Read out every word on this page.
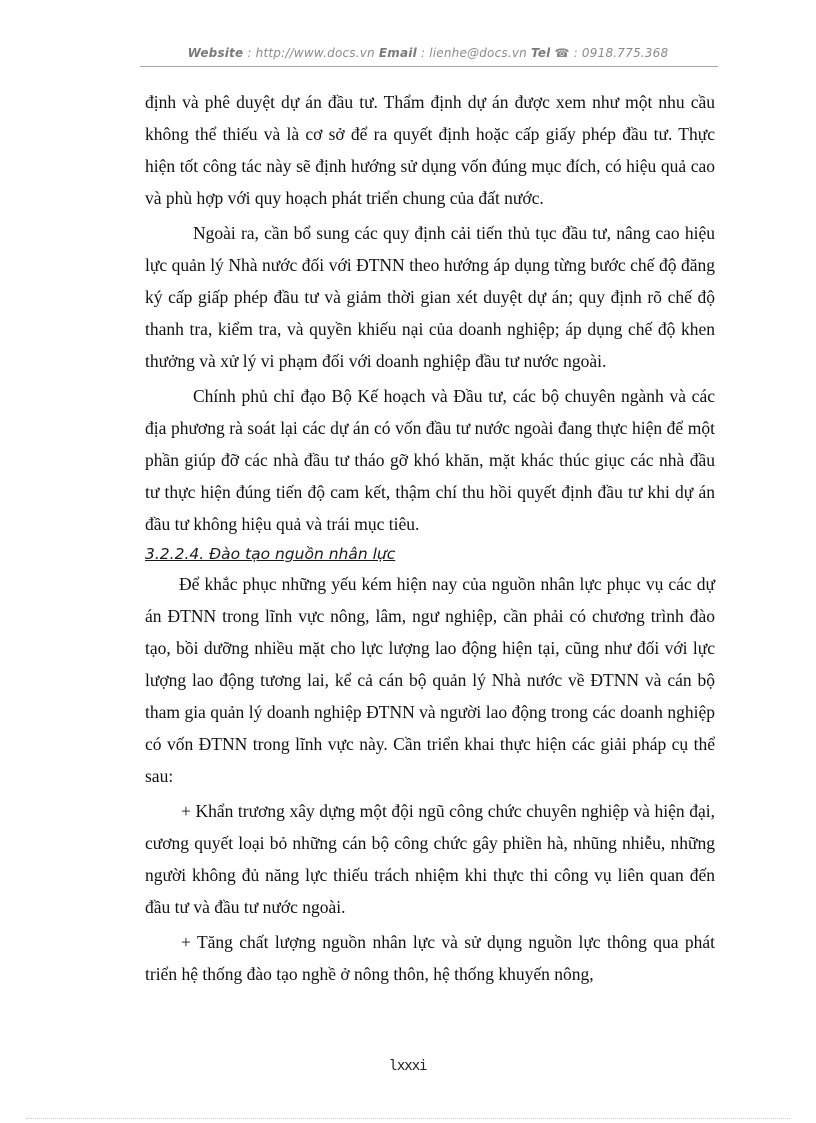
Website : http://www.docs.vn Email : lienhe@docs.vn Tel ☎ : 0918.775.368

định và phê duyệt dự án đầu tư. Thẩm định dự án được xem như một nhu cầu không thể thiếu và là cơ sở để ra quyết định hoặc cấp giấy phép đầu tư. Thực hiện tốt công tác này sẽ định hướng sử dụng vốn đúng mục đích, có hiệu quả cao và phù hợp với quy hoạch phát triển chung của đất nước.

Ngoài ra, cần bổ sung các quy định cải tiến thủ tục đầu tư, nâng cao hiệu lực quản lý Nhà nước đối với ĐTNN theo hướng áp dụng từng bước chế độ đăng ký cấp giấp phép đầu tư và giảm thời gian xét duyệt dự án; quy định rõ chế độ thanh tra, kiểm tra, và quyền khiếu nại của doanh nghiệp; áp dụng chế độ khen thưởng và xử lý vi phạm đối với doanh nghiệp đầu tư nước ngoài.

Chính phủ chỉ đạo Bộ Kế hoạch và Đầu tư, các bộ chuyên ngành và các địa phương rà soát lại các dự án có vốn đầu tư nước ngoài đang thực hiện để một phần giúp đỡ các nhà đầu tư tháo gỡ khó khăn, mặt khác thúc giục các nhà đầu tư thực hiện đúng tiến độ cam kết, thậm chí thu hồi quyết định đầu tư khi dự án đầu tư không hiệu quả và trái mục tiêu.

3.2.2.4. Đào tạo nguồn nhân lực

Để khắc phục những yếu kém hiện nay của nguồn nhân lực phục vụ các dự án ĐTNN trong lĩnh vực nông, lâm, ngư nghiệp, cần phải có chương trình đào tạo, bồi dưỡng nhiều mặt cho lực lượng lao động hiện tại, cũng như đối với lực lượng lao động tương lai, kể cả cán bộ quản lý Nhà nước về ĐTNN và cán bộ tham gia quản lý doanh nghiệp ĐTNN và người lao động trong các doanh nghiệp có vốn ĐTNN trong lĩnh vực này. Cần triển khai thực hiện các giải pháp cụ thể sau:

+ Khẩn trương xây dựng một đội ngũ công chức chuyên nghiệp và hiện đại, cương quyết loại bỏ những cán bộ công chức gây phiền hà, nhũng nhiễu, những người không đủ năng lực thiếu trách nhiệm khi thực thi công vụ liên quan đến đầu tư và đầu tư nước ngoài.

+ Tăng chất lượng nguồn nhân lực và sử dụng nguồn lực thông qua phát triển hệ thống đào tạo nghề ở nông thôn, hệ thống khuyến nông,

lxxxi
